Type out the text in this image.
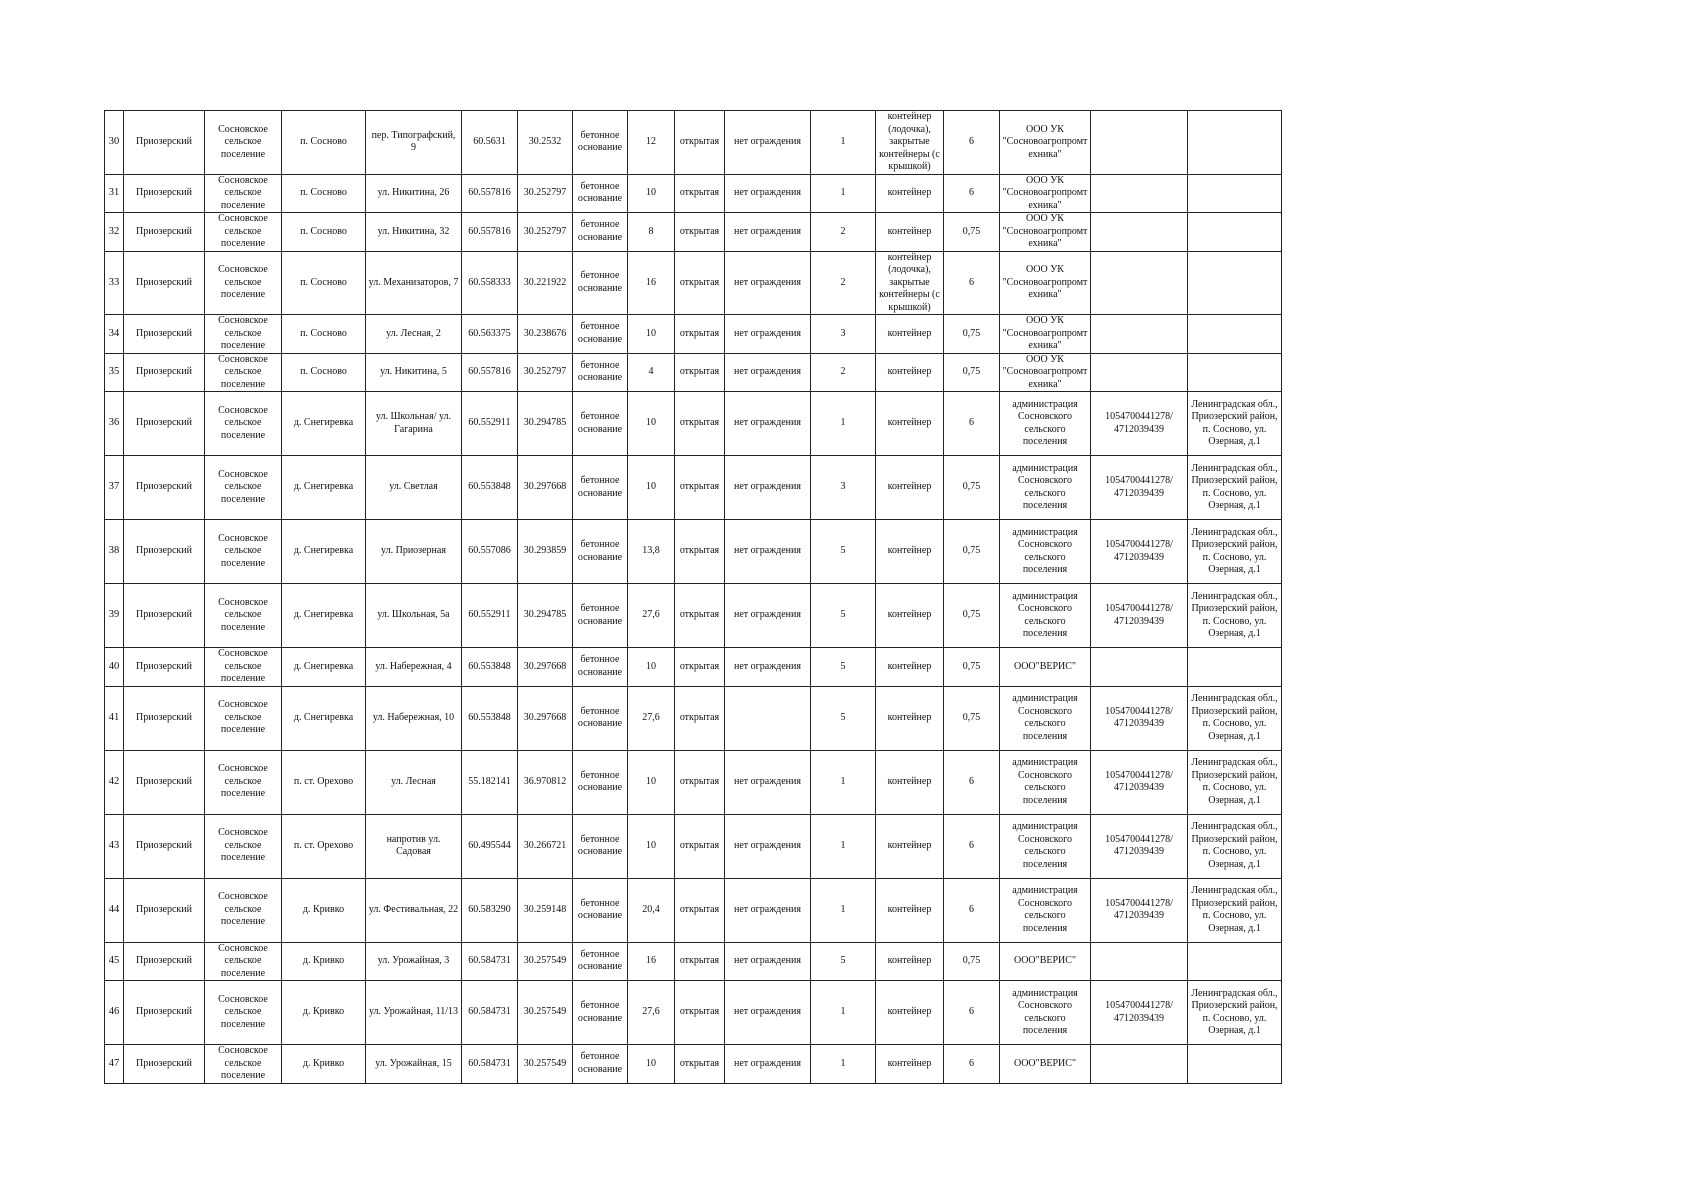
30	Приозерский	Сосновское сельское поселение	п. Сосново	пер. Типографский, 9	60.5631	30.2532	бетонное основание	12	открытая	нет ограждения	1	контейнер (лодочка), закрытые контейнеры (с крышкой)	6	ООО УК "Сосновоагропромт ехника"		
31	Приозерский	Сосновское сельское поселение	п. Сосново	ул. Никитина, 26	60.557816	30.252797	бетонное основание	10	открытая	нет ограждения	1	контейнер	6	ООО УК "Сосновоагропромт ехника"		
32	Приозерский	Сосновское сельское поселение	п. Сосново	ул. Никитина, 32	60.557816	30.252797	бетонное основание	8	открытая	нет ограждения	2	контейнер	0,75	ООО УК "Сосновоагропромт ехника"		
33	Приозерский	Сосновское сельское поселение	п. Сосново	ул. Механизаторов, 7	60.558333	30.221922	бетонное основание	16	открытая	нет ограждения	2	контейнер (лодочка), закрытые контейнеры (с крышкой)	6	ООО УК "Сосновоагропромт ехника"		
34	Приозерский	Сосновское сельское поселение	п. Сосново	ул. Лесная, 2	60.563375	30.238676	бетонное основание	10	открытая	нет ограждения	3	контейнер	0,75	ООО УК "Сосновоагропромт ехника"		
35	Приозерский	Сосновское сельское поселение	п. Сосново	ул. Никитина, 5	60.557816	30.252797	бетонное основание	4	открытая	нет ограждения	2	контейнер	0,75	ООО УК "Сосновоагропромт ехника"		
36	Приозерский	Сосновское сельское поселение	д. Снегиревка	ул. Школьная/ ул. Гагарина	60.552911	30.294785	бетонное основание	10	открытая	нет ограждения	1	контейнер	6	администрация Сосновского сельского поселения	1054700441278/ 4712039439	Ленинградская обл., Приозерский район, п. Сосново, ул. Озерная, д.1
37	Приозерский	Сосновское сельское поселение	д. Снегиревка	ул. Светлая	60.553848	30.297668	бетонное основание	10	открытая	нет ограждения	3	контейнер	0,75	администрация Сосновского сельского поселения	1054700441278/ 4712039439	Ленинградская обл., Приозерский район, п. Сосново, ул. Озерная, д.1
38	Приозерский	Сосновское сельское поселение	д. Снегиревка	ул. Приозерная	60.557086	30.293859	бетонное основание	13,8	открытая	нет ограждения	5	контейнер	0,75	администрация Сосновского сельского поселения	1054700441278/ 4712039439	Ленинградская обл., Приозерский район, п. Сосново, ул. Озерная, д.1
39	Приозерский	Сосновское сельское поселение	д. Снегиревка	ул. Школьная, 5а	60.552911	30.294785	бетонное основание	27,6	открытая	нет ограждения	5	контейнер	0,75	администрация Сосновского сельского поселения	1054700441278/ 4712039439	Ленинградская обл., Приозерский район, п. Сосново, ул. Озерная, д.1
40	Приозерский	Сосновское сельское поселение	д. Снегиревка	ул. Набережная, 4	60.553848	30.297668	бетонное основание	10	открытая	нет ограждения	5	контейнер	0,75	ООО"ВЕРИС"		
41	Приозерский	Сосновское сельское поселение	д. Снегиревка	ул. Набережная, 10	60.553848	30.297668	бетонное основание	27,6	открытая		5	контейнер	0,75	администрация Сосновского сельского поселения	1054700441278/ 4712039439	Ленинградская обл., Приозерский район, п. Сосново, ул. Озерная, д.1
42	Приозерский	Сосновское сельское поселение	п. ст. Орехово	ул. Лесная	55.182141	36.970812	бетонное основание	10	открытая	нет ограждения	1	контейнер	6	администрация Сосновского сельского поселения	1054700441278/ 4712039439	Ленинградская обл., Приозерский район, п. Сосново, ул. Озерная, д.1
43	Приозерский	Сосновское сельское поселение	п. ст. Орехово	напротив ул. Садовая	60.495544	30.266721	бетонное основание	10	открытая	нет ограждения	1	контейнер	6	администрация Сосновского сельского поселения	1054700441278/ 4712039439	Ленинградская обл., Приозерский район, п. Сосново, ул. Озерная, д.1
44	Приозерский	Сосновское сельское поселение	д. Кривко	ул. Фестивальная, 22	60.583290	30.259148	бетонное основание	20,4	открытая	нет ограждения	1	контейнер	6	администрация Сосновского сельского поселения	1054700441278/ 4712039439	Ленинградская обл., Приозерский район, п. Сосново, ул. Озерная, д.1
45	Приозерский	Сосновское сельское поселение	д. Кривко	ул. Урожайная, 3	60.584731	30.257549	бетонное основание	16	открытая	нет ограждения	5	контейнер	0,75	ООО"ВЕРИС"		
46	Приозерский	Сосновское сельское поселение	д. Кривко	ул. Урожайная, 11/13	60.584731	30.257549	бетонное основание	27,6	открытая	нет ограждения	1	контейнер	6	администрация Сосновского сельского поселения	1054700441278/ 4712039439	Ленинградская обл., Приозерский район, п. Сосново, ул. Озерная, д.1
47	Приозерский	Сосновское сельское поселение	д. Кривко	ул. Урожайная, 15	60.584731	30.257549	бетонное основание	10	открытая	нет ограждения	1	контейнер	6	ООО"ВЕРИС"		
